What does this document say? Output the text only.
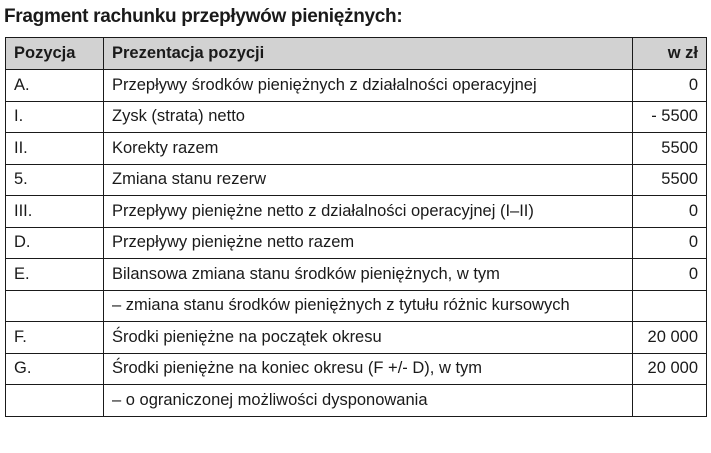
Fragment rachunku przepływów pieniężnych:
Pozycja	Prezentacja pozycji	w zł
A.	Przepływy środków pieniężnych z działalności operacyjnej	0
I.	Zysk (strata) netto	- 5500
II.	Korekty razem	5500
5.	Zmiana stanu rezerw	5500
III.	Przepływy pieniężne netto z działalności operacyjnej (I–II)	0
D.	Przepływy pieniężne netto razem	0
E.	Bilansowa zmiana stanu środków pieniężnych, w tym	0
	– zmiana stanu środków pieniężnych z tytułu różnic kursowych	
F.	Środki pieniężne na początek okresu	20 000
G.	Środki pieniężne na koniec okresu (F +/- D), w tym	20 000
	– o ograniczonej możliwości dysponowania	
